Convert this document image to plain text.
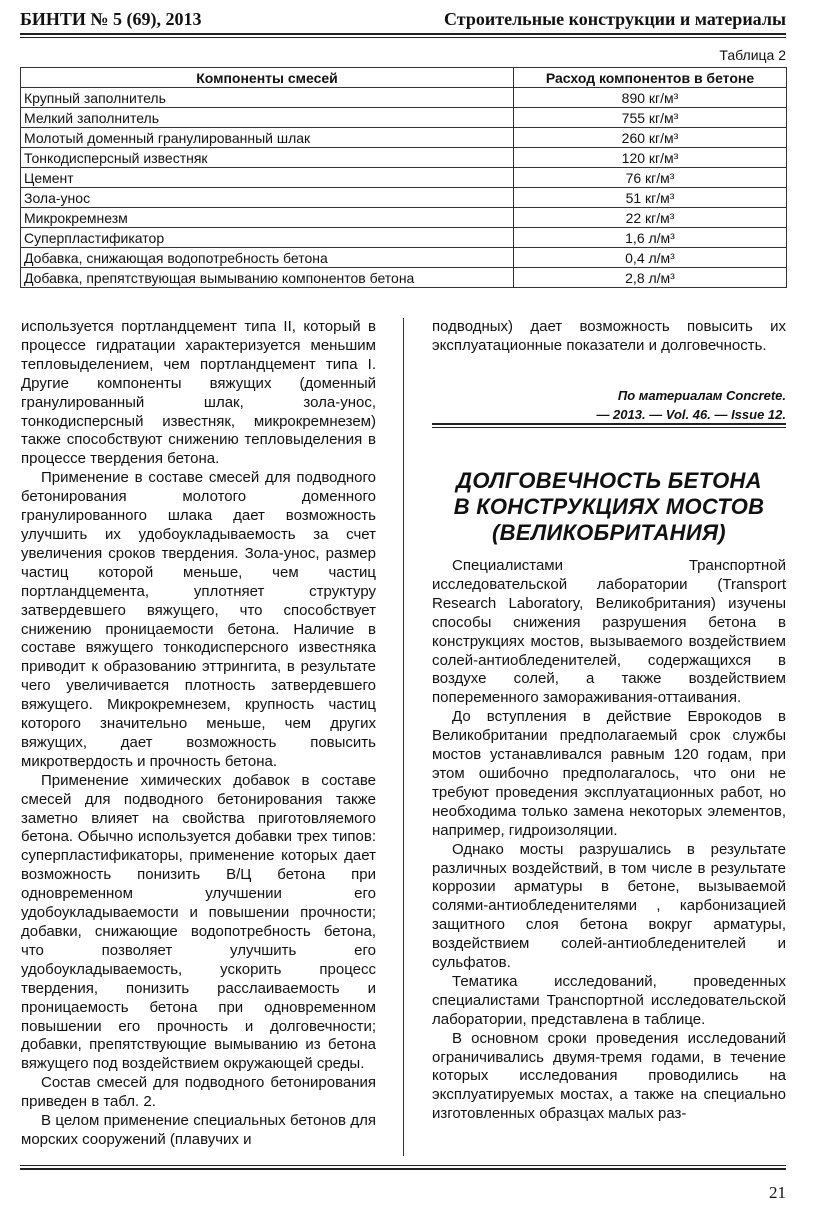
БИНТИ № 5 (69), 2013	Строительные конструкции и материалы
Таблица 2
Компоненты смесей	Расход компонентов в бетоне
Крупный заполнитель	890 кг/м³
Мелкий заполнитель	755 кг/м³
Молотый доменный гранулированный шлак	260 кг/м³
Тонкодисперсный известняк	120 кг/м³
Цемент	76 кг/м³
Зола-унос	51 кг/м³
Микрокремнезм	22 кг/м³
Суперпластификатор	1,6 л/м³
Добавка, снижающая водопотребность бетона	0,4 л/м³
Добавка, препятствующая вымыванию компонентов бетона	2,8 л/м³

используется портландцемент типа II, который в процессе гидратации характеризуется меньшим тепловыделением, чем портландцемент типа I. Другие компоненты вяжущих (доменный гранулированный шлак, зола-унос, тонкодисперсный известняк, микрокремнезем) также способствуют снижению тепловыделения в процессе твердения бетона.

Применение в составе смесей для подводного бетонирования молотого доменного гранулированного шлака дает возможность улучшить их удобоукладываемость за счет увеличения сроков твердения. Зола-унос, размер частиц которой меньше, чем частиц портландцемента, уплотняет структуру затвердевшего вяжущего, что способствует снижению проницаемости бетона. Наличие в составе вяжущего тонкодисперсного известняка приводит к образованию эттрингита, в результате чего увеличивается плотность затвердевшего вяжущего. Микрокремнезем, крупность частиц которого значительно меньше, чем других вяжущих, дает возможность повысить микротвердость и прочность бетона.

Применение химических добавок в составе смесей для подводного бетонирования также заметно влияет на свойства приготовляемого бетона. Обычно используется добавки трех типов: суперпластификаторы, применение которых дает возможность понизить В/Ц бетона при одновременном улучшении его удобоукладываемости и повышении прочности; добавки, снижающие водопотребность бетона, что позволяет улучшить его удобоукладываемость, ускорить процесс твердения, понизить расслаиваемость и проницаемость бетона при одновременном повышении его прочность и долговечности; добавки, препятствующие вымыванию из бетона вяжущего под воздействием окружающей среды.

Состав смесей для подводного бетонирования приведен в табл. 2.

В целом применение специальных бетонов для морских сооружений (плавучих и

подводных) дает возможность повысить их эксплуатационные показатели и долговечность.

По материалам Concrete.
— 2013. — Vol. 46. — Issue 12.
ДОЛГОВЕЧНОСТЬ БЕТОНА
В КОНСТРУКЦИЯХ МОСТОВ
(ВЕЛИКОБРИТАНИЯ)

Специалистами Транспортной исследовательской лаборатории (Transport Research Laboratory, Великобритания) изучены способы снижения разрушения бетона в конструкциях мостов, вызываемого воздействием солей-антиобледенителей, содержащихся в воздухе солей, а также воздействием попеременного замораживания-оттаивания.

До вступления в действие Еврокодов в Великобритании предполагаемый срок службы мостов устанавливался равным 120 годам, при этом ошибочно предполагалось, что они не требуют проведения эксплуатационных работ, но необходима только замена некоторых элементов, например, гидроизоляции.

Однако мосты разрушались в результате различных воздействий, в том числе в результате коррозии арматуры в бетоне, вызываемой солями-антиобледенителями , карбонизацией защитного слоя бетона вокруг арматуры, воздействием солей-антиобледенителей и сульфатов.

Тематика исследований, проведенных специалистами Транспортной исследовательской лаборатории, представлена в таблице.

В основном сроки проведения исследований ограничивались двумя-тремя годами, в течение которых исследования проводились на эксплуатируемых мостах, а также на специально изготовленных образцах малых раз-

21
